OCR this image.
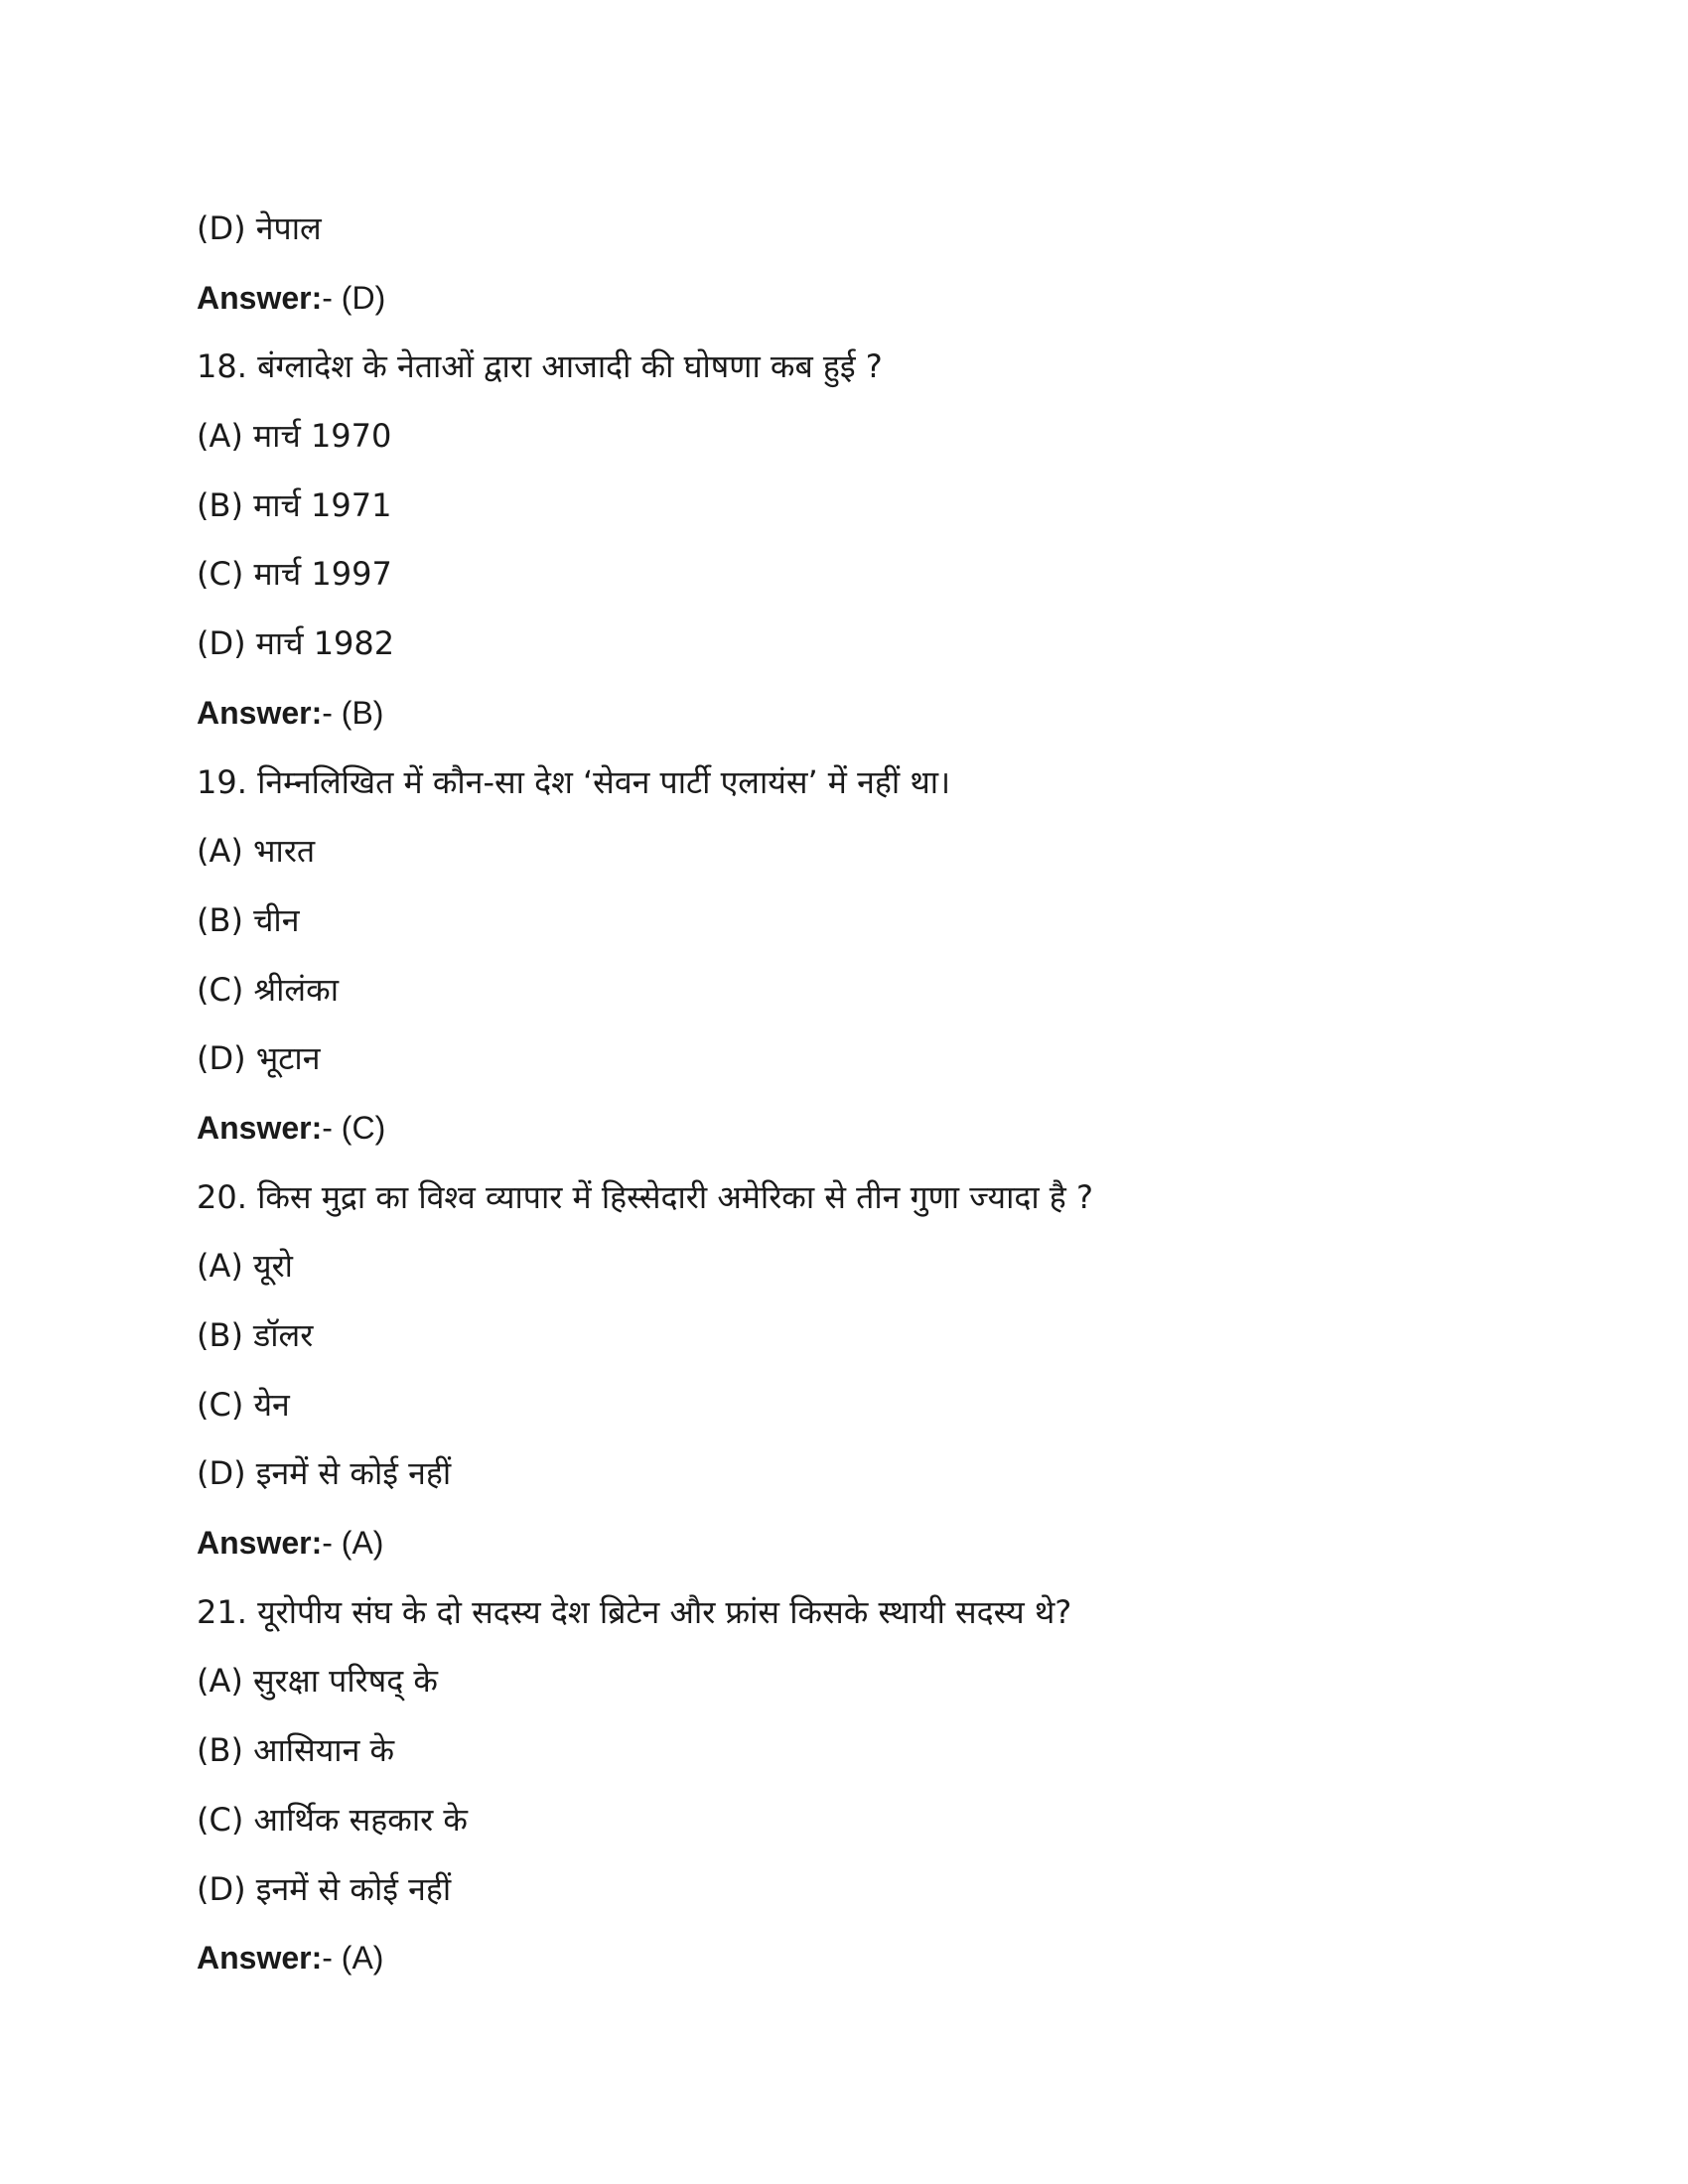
(D) नेपाल
Answer:- (D)
18. बंग्लादेश के नेताओं द्वारा आजादी की घोषणा कब हुई ?
(A) मार्च 1970
(B) मार्च 1971
(C) मार्च 1997
(D) मार्च 1982
Answer:- (B)
19. निम्नलिखित में कौन-सा देश ‘सेवन पार्टी एलायंस’ में नहीं था।
(A) भारत
(B) चीन
(C) श्रीलंका
(D) भूटान
Answer:- (C)
20. किस मुद्रा का विश्व व्यापार में हिस्सेदारी अमेरिका से तीन गुणा ज्यादा है ?
(A) यूरो
(B) डॉलर
(C) येन
(D) इनमें से कोई नहीं
Answer:- (A)
21. यूरोपीय संघ के दो सदस्य देश ब्रिटेन और फ्रांस किसके स्थायी सदस्य थे?
(A) सुरक्षा परिषद् के
(B) आसियान के
(C) आर्थिक सहकार के
(D) इनमें से कोई नहीं
Answer:- (A)
